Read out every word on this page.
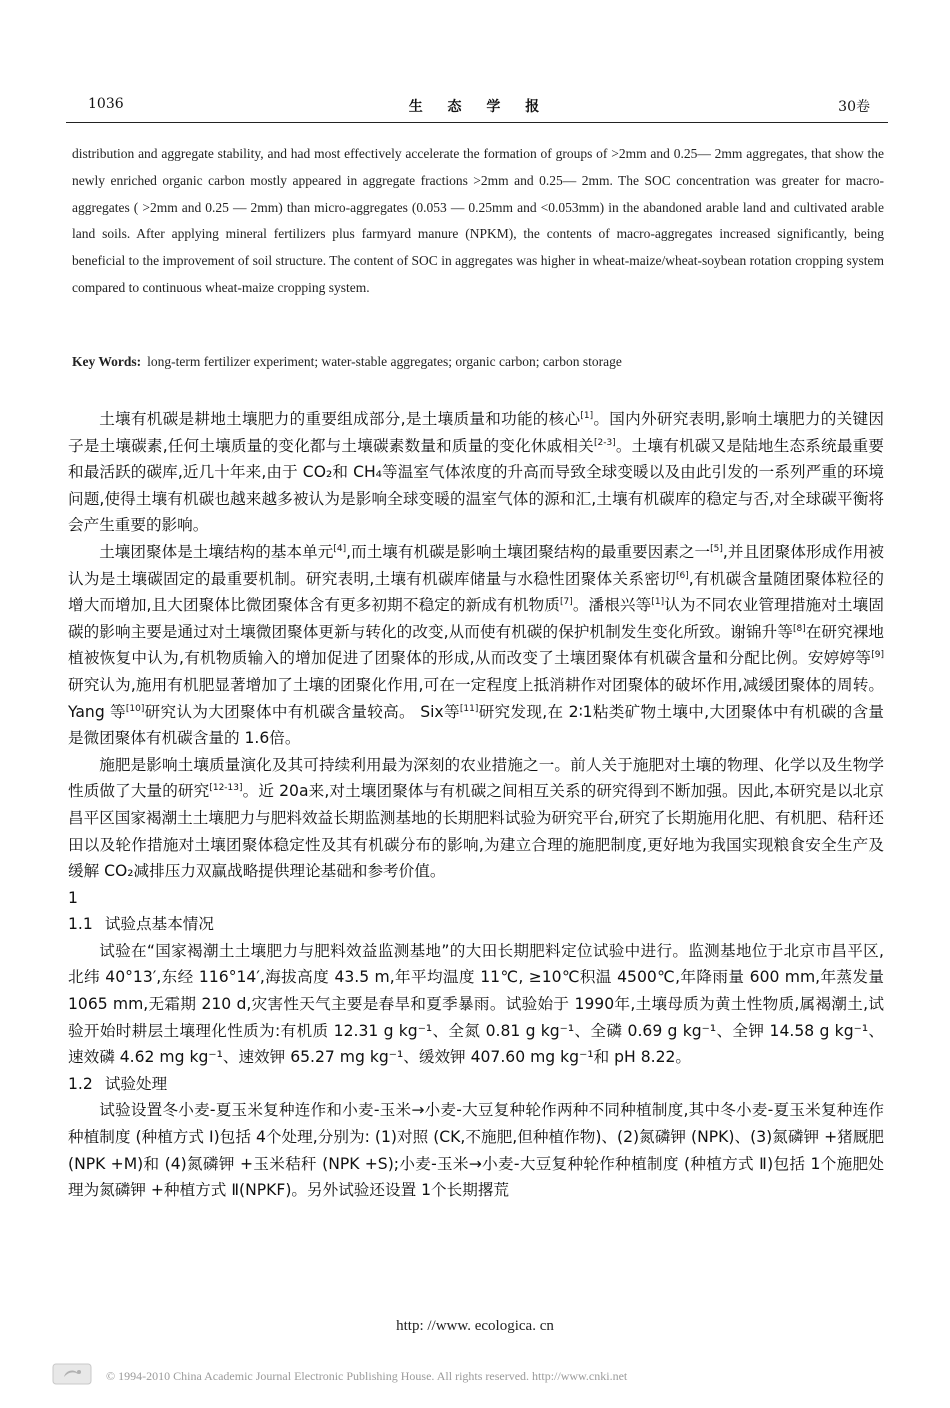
1036	生 态 学 报	30卷
distribution and aggregate stability, and had most effectively accelerate the formation of groups of >2mm and 0.25— 2mm aggregates, that show the newly enriched organic carbon mostly appeared in aggregate fractions >2mm and 0.25— 2mm. The SOC concentration was greater for macro-aggregates ( >2mm and 0.25 — 2mm) than micro-aggregates (0.053 — 0.25mm and <0.053mm) in the abandoned arable land and cultivated arable land soils. After applying mineral fertilizers plus farmyard manure (NPKM), the contents of macro-aggregates increased significantly, being beneficial to the improvement of soil structure. The content of SOC in aggregates was higher in wheat-maize/wheat-soybean rotation cropping system compared to continuous wheat-maize cropping system.
Key Words: long-term fertilizer experiment; water-stable aggregates; organic carbon; carbon storage

土壤有机碳是耕地土壤肥力的重要组成部分,是土壤质量和功能的核心[1]。国内外研究表明,影响土壤肥力的关键因子是土壤碳素,任何土壤质量的变化都与土壤碳素数量和质量的变化休戚相关[2-3]。土壤有机碳又是陆地生态系统最重要和最活跃的碳库,近几十年来,由于 CO₂和 CH₄等温室气体浓度的升高而导致全球变暖以及由此引发的一系列严重的环境问题,使得土壤有机碳也越来越多被认为是影响全球变暖的温室气体的源和汇,土壤有机碳库的稳定与否,对全球碳平衡将会产生重要的影响。

土壤团聚体是土壤结构的基本单元[4],而土壤有机碳是影响土壤团聚结构的最重要因素之一[5],并且团聚体形成作用被认为是土壤碳固定的最重要机制。研究表明,土壤有机碳库储量与水稳性团聚体关系密切[6],有机碳含量随团聚体粒径的增大而增加,且大团聚体比微团聚体含有更多初期不稳定的新成有机物质[7]。潘根兴等[1]认为不同农业管理措施对土壤固碳的影响主要是通过对土壤微团聚体更新与转化的改变,从而使有机碳的保护机制发生变化所致。谢锦升等[8]在研究裸地植被恢复中认为,有机物质输入的增加促进了团聚体的形成,从而改变了土壤团聚体有机碳含量和分配比例。安婷婷等[9]研究认为,施用有机肥显著增加了土壤的团聚化作用,可在一定程度上抵消耕作对团聚体的破坏作用,减缓团聚体的周转。 Yang 等[10]研究认为大团聚体中有机碳含量较高。 Six等[11]研究发现,在 2∶1粘类矿物土壤中,大团聚体中有机碳的含量是微团聚体有机碳含量的 1.6倍。

施肥是影响土壤质量演化及其可持续利用最为深刻的农业措施之一。前人关于施肥对土壤的物理、化学以及生物学性质做了大量的研究[12-13]。近 20a来,对土壤团聚体与有机碳之间相互关系的研究得到不断加强。因此,本研究是以北京昌平区国家褐潮土土壤肥力与肥料效益长期监测基地的长期肥料试验为研究平台,研究了长期施用化肥、有机肥、秸秆还田以及轮作措施对土壤团聚体稳定性及其有机碳分布的影响,为建立合理的施肥制度,更好地为我国实现粮食安全生产及缓解 CO₂减排压力双赢战略提供理论基础和参考价值。

1
1.1 试验点基本情况

试验在“国家褐潮土土壤肥力与肥料效益监测基地”的大田长期肥料定位试验中进行。监测基地位于北京市昌平区,北纬 40°13′,东经 116°14′,海拔高度 43.5 m,年平均温度 11℃, ≥10℃积温 4500℃,年降雨量 600 mm,年蒸发量 1065 mm,无霜期 210 d,灾害性天气主要是春旱和夏季暴雨。试验始于 1990年,土壤母质为黄土性物质,属褐潮土,试验开始时耕层土壤理化性质为:有机质 12.31 g kg⁻¹、全氮 0.81 g kg⁻¹、全磷 0.69 g kg⁻¹、全钾 14.58 g kg⁻¹、速效磷 4.62 mg kg⁻¹、速效钾 65.27 mg kg⁻¹、缓效钾 407.60 mg kg⁻¹和 pH 8.22。

1.2 试验处理

试验设置冬小麦-夏玉米复种连作和小麦-玉米→小麦-大豆复种轮作两种不同种植制度,其中冬小麦-夏玉米复种连作种植制度 (种植方式 Ⅰ)包括 4个处理,分别为: (1)对照 (CK,不施肥,但种植作物)、(2)氮磷钾 (NPK)、(3)氮磷钾 +猪厩肥 (NPK +M)和 (4)氮磷钾 +玉米秸秆 (NPK +S);小麦-玉米→小麦-大豆复种轮作种植制度 (种植方式 Ⅱ)包括 1个施肥处理为氮磷钾 +种植方式 Ⅱ(NPKF)。另外试验还设置 1个长期撂荒

http: //www. ecologica. cn
© 1994-2010 China Academic Journal Electronic Publishing House. All rights reserved. http://www.cnki.net
